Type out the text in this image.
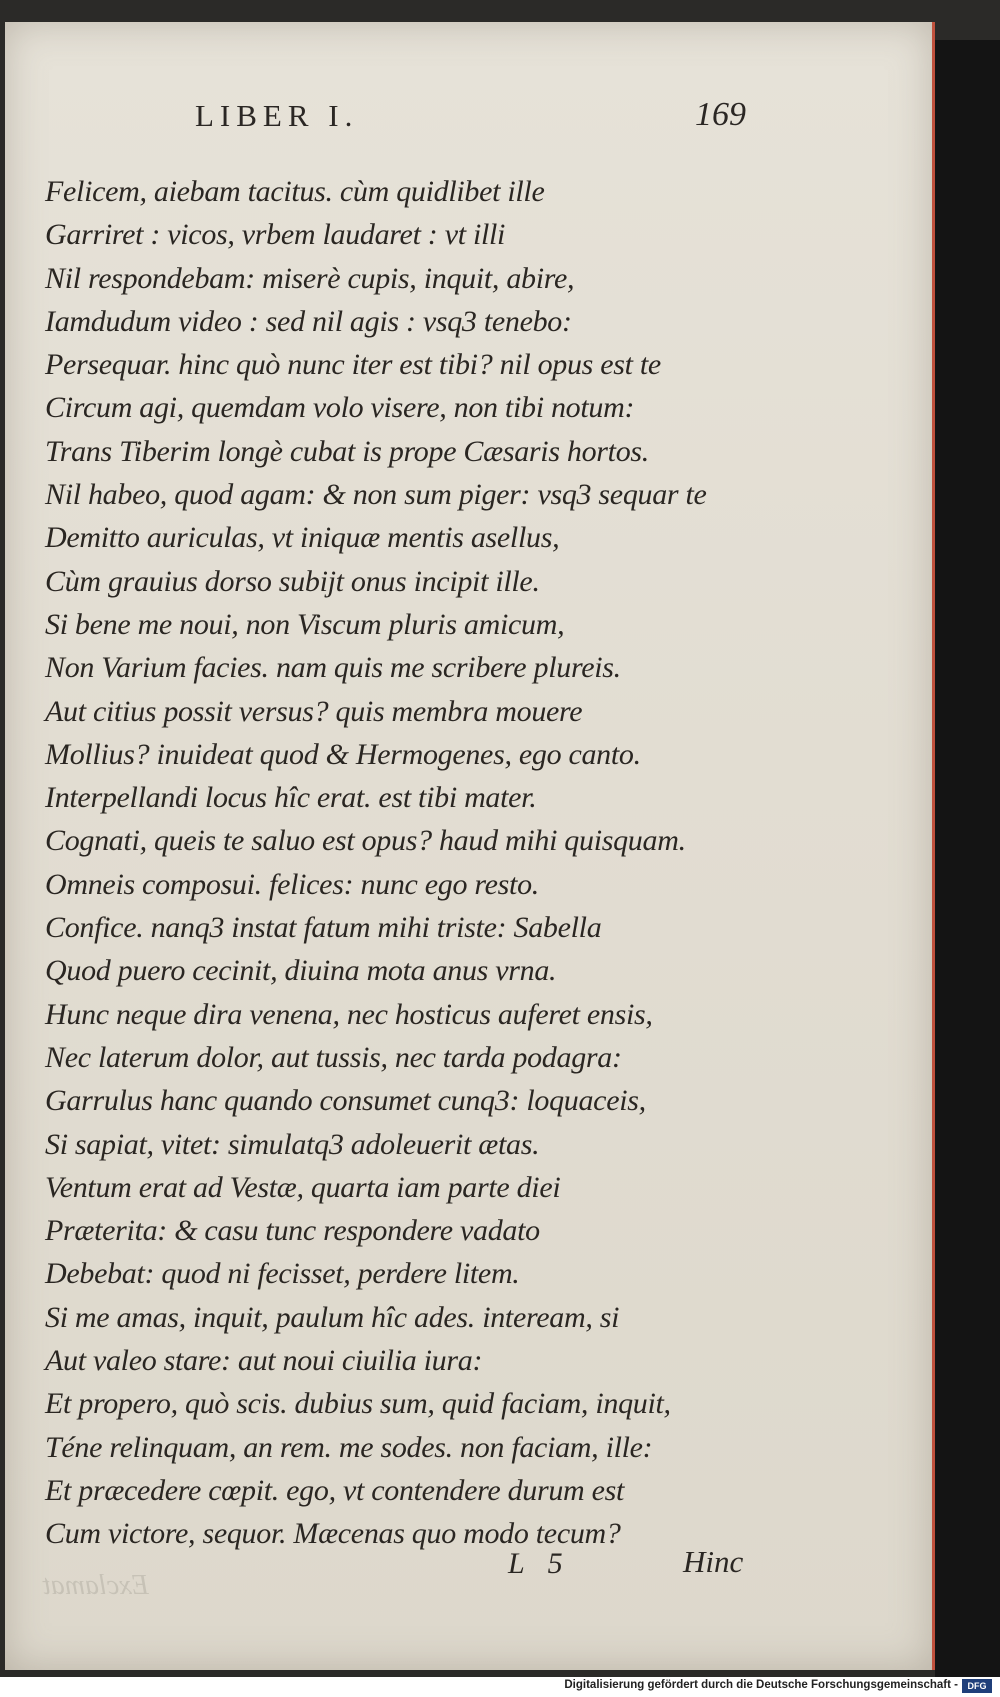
LIBER I.	169
Felicem, aiebam tacitus. cùm quidlibet ille
Garriret : vicos, vrbem laudaret : vt illi
Nil respondebam: miserè cupis, inquit, abire,
Iamdudum video : sed nil agis : vsq3 tenebo:
Persequar. hinc quò nunc iter est tibi? nil opus est te
Circum agi, quemdam volo visere, non tibi notum:
Trans Tiberim longè cubat is prope Cæsaris hortos.
Nil habeo, quod agam: & non sum piger: vsq3 sequar te
Demitto auriculas, vt iniquæ mentis asellus,
Cùm grauius dorso subijt onus incipit ille.
Si bene me noui, non Viscum pluris amicum,
Non Varium facies. nam quis me scribere plureis.
Aut citius possit versus? quis membra mouere
Mollius? inuideat quod & Hermogenes, ego canto.
Interpellandi locus hîc erat. est tibi mater.
Cognati, queis te saluo est opus? haud mihi quisquam.
Omneis composui. felices: nunc ego resto.
Confice. nanq3 instat fatum mihi triste: Sabella
Quod puero cecinit, diuina mota anus vrna.
Hunc neque dira venena, nec hosticus auferet ensis,
Nec laterum dolor, aut tussis, nec tarda podagra:
Garrulus hanc quando consumet cunq3: loquaceis,
Si sapiat, vitet: simulatq3 adoleuerit ætas.
Ventum erat ad Vestæ, quarta iam parte diei
Præterita: & casu tunc respondere vadato
Debebat: quod ni fecisset, perdere litem.
Si me amas, inquit, paulum hîc ades. inteream, si
Aut valeo stare: aut noui ciuilia iura:
Et propero, quò scis. dubius sum, quid faciam, inquit,
Téne relinquam, an rem. me sodes. non faciam, ille:
Et præcedere cœpit. ego, vt contendere durum est
Cum victore, sequor. Mæcenas quo modo tecum?
Exclamat
L 5	Hinc
Digitalisierung gefördert durch die Deutsche Forschungsgemeinschaft -	DFG
